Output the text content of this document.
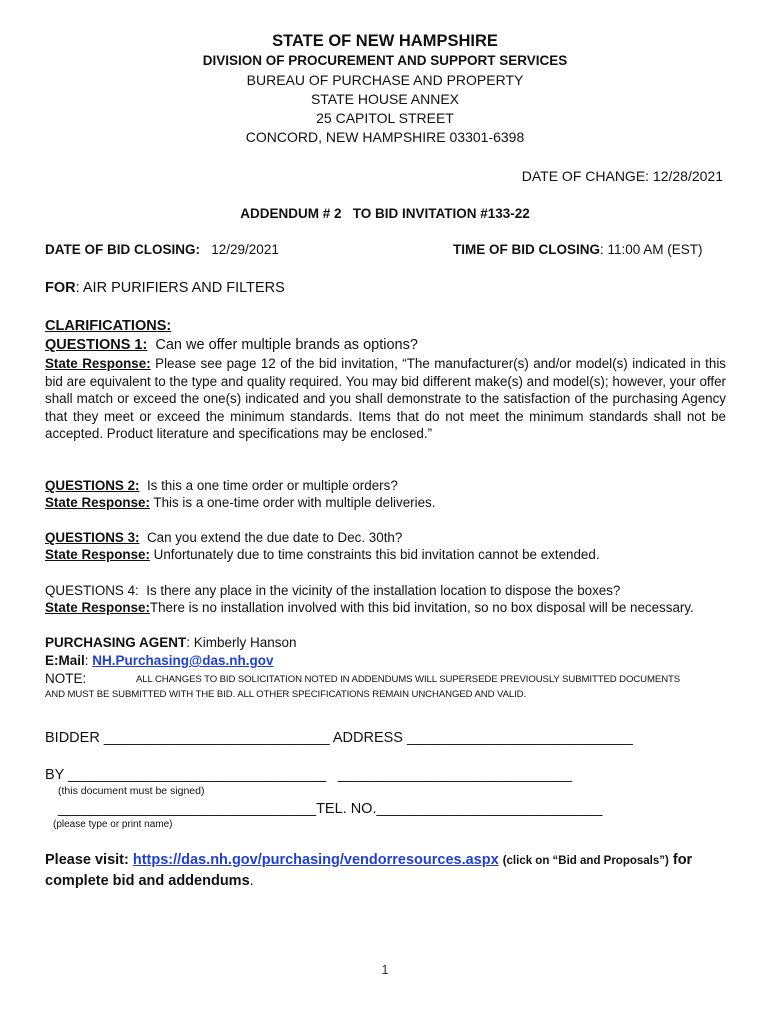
STATE OF NEW HAMPSHIRE
DIVISION OF PROCUREMENT AND SUPPORT SERVICES
BUREAU OF PURCHASE AND PROPERTY
STATE HOUSE ANNEX
25 CAPITOL STREET
CONCORD, NEW HAMPSHIRE 03301-6398
DATE OF CHANGE: 12/28/2021
ADDENDUM # 2   TO BID INVITATION #133-22
DATE OF BID CLOSING: 12/29/2021	TIME OF BID CLOSING: 11:00 AM (EST)
FOR: AIR PURIFIERS AND FILTERS
CLARIFICATIONS:
QUESTIONS 1: Can we offer multiple brands as options?
State Response: Please see page 12 of the bid invitation, “The manufacturer(s) and/or model(s) indicated in this bid are equivalent to the type and quality required. You may bid different make(s) and model(s); however, your offer shall match or exceed the one(s) indicated and you shall demonstrate to the satisfaction of the purchasing Agency that they meet or exceed the minimum standards. Items that do not meet the minimum standards shall not be accepted. Product literature and specifications may be enclosed.”
QUESTIONS 2: Is this a one time order or multiple orders?
State Response: This is a one-time order with multiple deliveries.
QUESTIONS 3: Can you extend the due date to Dec. 30th?
State Response: Unfortunately due to time constraints this bid invitation cannot be extended.
QUESTIONS 4: Is there any place in the vicinity of the installation location to dispose the boxes?
State Response:There is no installation involved with this bid invitation, so no box disposal will be necessary.
PURCHASING AGENT: Kimberly Hanson
E:Mail: NH.Purchasing@das.nh.gov
NOTE:	ALL CHANGES TO BID SOLICITATION NOTED IN ADDENDUMS WILL SUPERSEDE PREVIOUSLY SUBMITTED DOCUMENTS
AND MUST BE SUBMITTED WITH THE BID. ALL OTHER SPECIFICATIONS REMAIN UNCHANGED AND VALID.
BIDDER ____________________________ ADDRESS ____________________________
BY ________________________________ _____________________________
(this document must be signed)
________________________________TEL. NO.____________________________
(please type or print name)
Please visit: https://das.nh.gov/purchasing/vendorresources.aspx (click on “Bid and Proposals”) for
complete bid and addendums.
1
